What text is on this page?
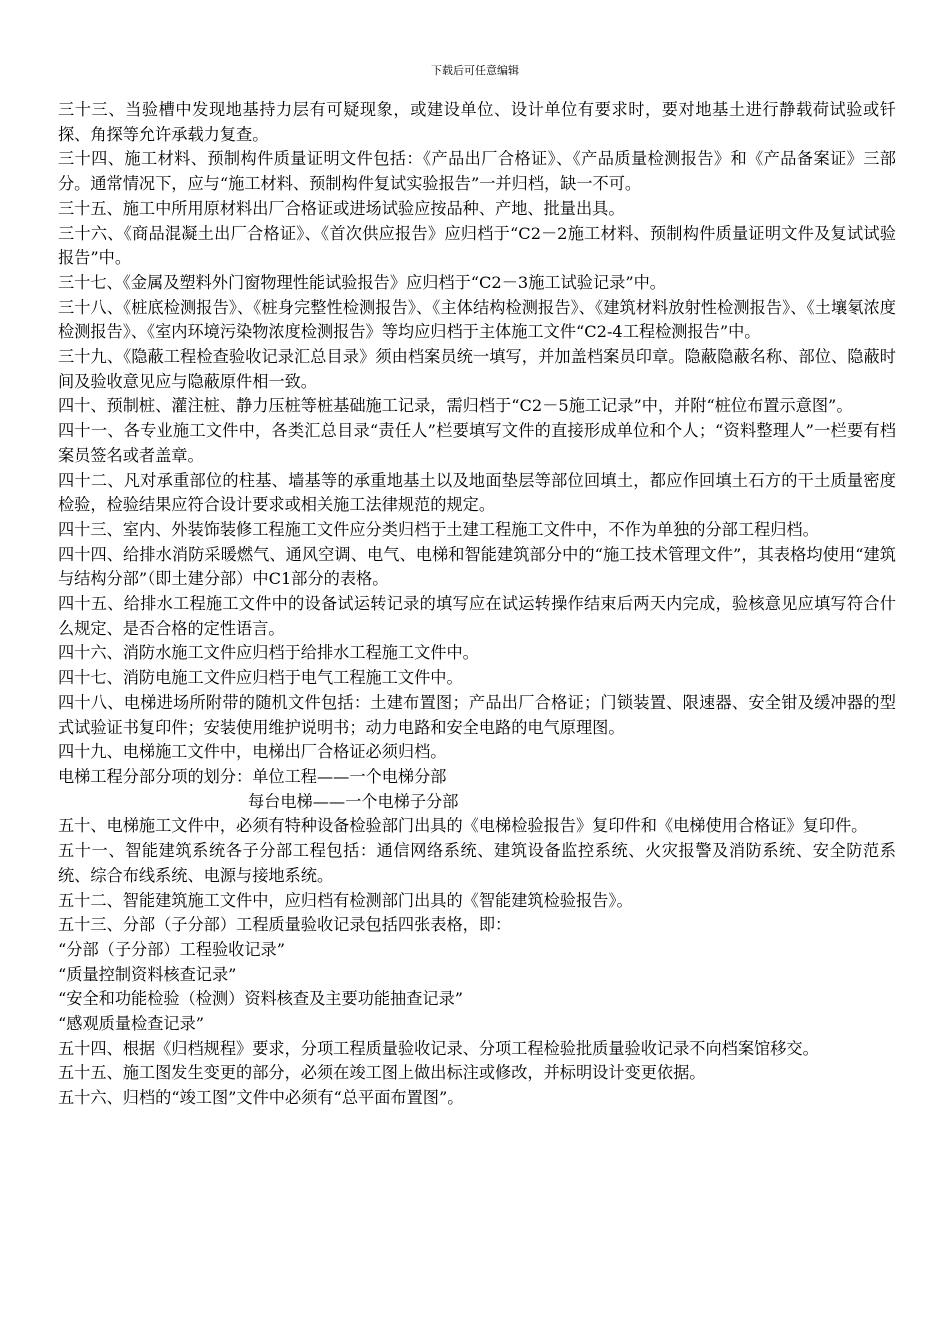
下载后可任意编辑

三十三、当验槽中发现地基持力层有可疑现象，或建设单位、设计单位有要求时，要对地基土进行静载荷试验或钎探、角探等允许承载力复查。

三十四、施工材料、预制构件质量证明文件包括：《产品出厂合格证》、《产品质量检测报告》和《产品备案证》三部分。通常情况下，应与“施工材料、预制构件复试实验报告”一并归档，缺一不可。

三十五、施工中所用原材料出厂合格证或进场试验应按品种、产地、批量出具。

三十六、《商品混凝土出厂合格证》、《首次供应报告》应归档于“C2－2施工材料、预制构件质量证明文件及复试试验报告”中。

三十七、《金属及塑料外门窗物理性能试验报告》应归档于“C2－3施工试验记录”中。

三十八、《桩底检测报告》、《桩身完整性检测报告》、《主体结构检测报告》、《建筑材料放射性检测报告》、《土壤氡浓度检测报告》、《室内环境污染物浓度检测报告》等均应归档于主体施工文件“C2-4工程检测报告”中。

三十九、《隐蔽工程检查验收记录汇总目录》须由档案员统一填写，并加盖档案员印章。隐蔽隐蔽名称、部位、隐蔽时间及验收意见应与隐蔽原件相一致。

四十、预制桩、灌注桩、静力压桩等桩基础施工记录，需归档于“C2－5施工记录”中，并附“桩位布置示意图”。

四十一、各专业施工文件中，各类汇总目录“责任人”栏要填写文件的直接形成单位和个人；“资料整理人”一栏要有档案员签名或者盖章。

四十二、凡对承重部位的柱基、墙基等的承重地基土以及地面垫层等部位回填土，都应作回填土石方的干土质量密度检验，检验结果应符合设计要求或相关施工法律规范的规定。

四十三、室内、外装饰装修工程施工文件应分类归档于土建工程施工文件中，不作为单独的分部工程归档。

四十四、给排水消防采暖燃气、通风空调、电气、电梯和智能建筑部分中的“施工技术管理文件”，其表格均使用“建筑与结构分部”（即土建分部）中C1部分的表格。

四十五、给排水工程施工文件中的设备试运转记录的填写应在试运转操作结束后两天内完成，验核意见应填写符合什么规定、是否合格的定性语言。

四十六、消防水施工文件应归档于给排水工程施工文件中。

四十七、消防电施工文件应归档于电气工程施工文件中。

四十八、电梯进场所附带的随机文件包括：土建布置图；产品出厂合格证；门锁装置、限速器、安全钳及缓冲器的型式试验证书复印件；安装使用维护说明书；动力电路和安全电路的电气原理图。

四十九、电梯施工文件中，电梯出厂合格证必须归档。

电梯工程分部分项的划分：单位工程——一个电梯分部

每台电梯——一个电梯子分部

五十、电梯施工文件中，必须有特种设备检验部门出具的《电梯检验报告》复印件和《电梯使用合格证》复印件。

五十一、智能建筑系统各子分部工程包括：通信网络系统、建筑设备监控系统、火灾报警及消防系统、安全防范系统、综合布线系统、电源与接地系统。

五十二、智能建筑施工文件中，应归档有检测部门出具的《智能建筑检验报告》。

五十三、分部（子分部）工程质量验收记录包括四张表格，即：

“分部（子分部）工程验收记录”

“质量控制资料核查记录”

“安全和功能检验（检测）资料核查及主要功能抽查记录”

“感观质量检查记录”

五十四、根据《归档规程》要求，分项工程质量验收记录、分项工程检验批质量验收记录不向档案馆移交。

五十五、施工图发生变更的部分，必须在竣工图上做出标注或修改，并标明设计变更依据。

五十六、归档的“竣工图”文件中必须有“总平面布置图”。
